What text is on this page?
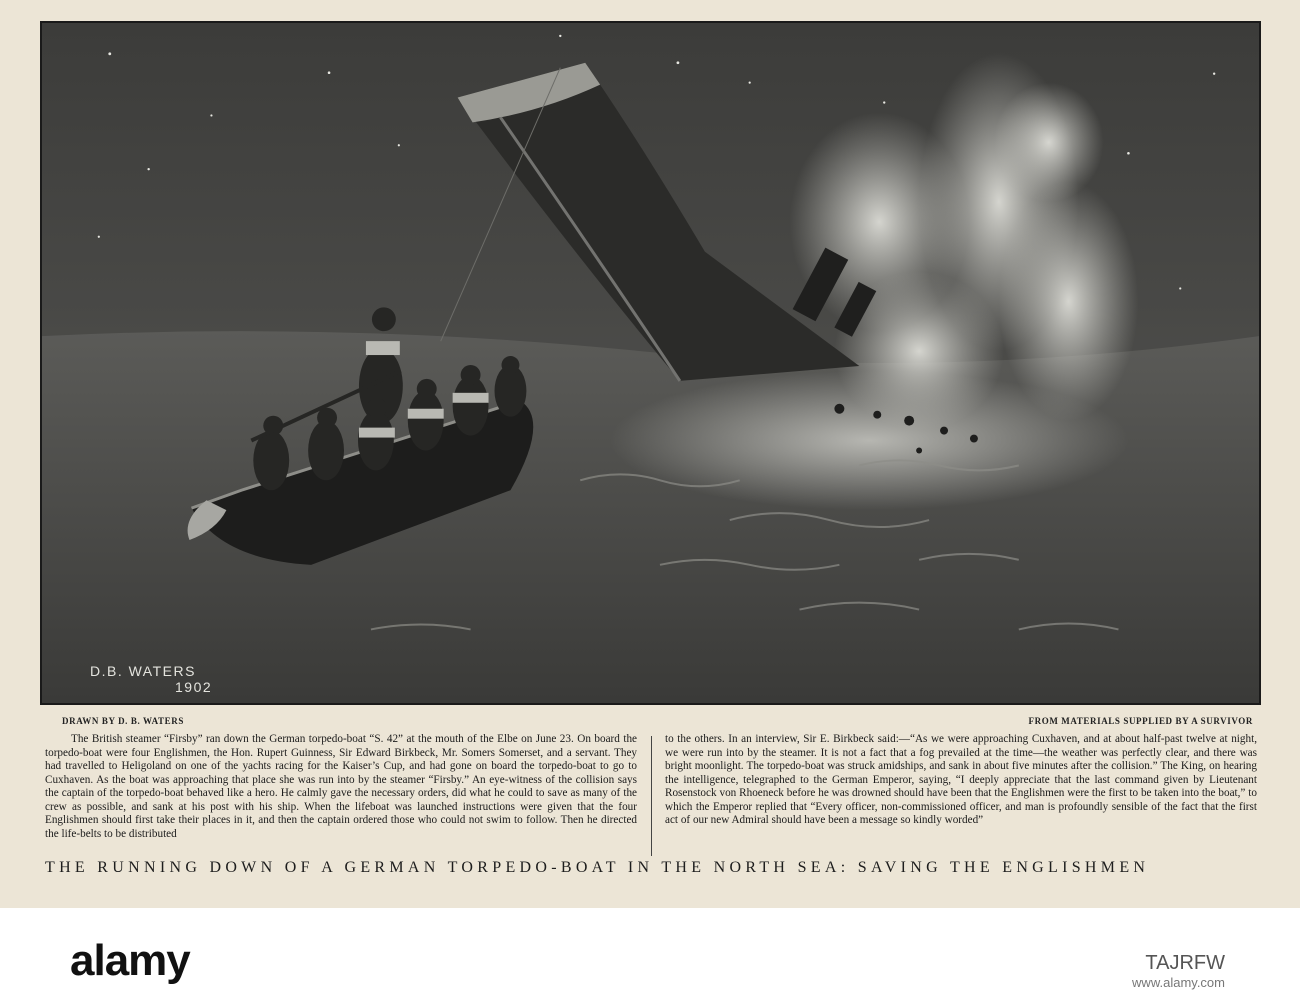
D.B. WATERS
1902
DRAWN BY D. B. WATERS	FROM MATERIALS SUPPLIED BY A SURVIVOR
The British steamer “Firsby” ran down the German torpedo-boat “S. 42” at the mouth of the Elbe on June 23. On board the torpedo-boat were four Englishmen, the Hon. Rupert Guinness, Sir Edward Birkbeck, Mr. Somers Somerset, and a servant. They had travelled to Heligoland on one of the yachts racing for the Kaiser’s Cup, and had gone on board the torpedo-boat to go to Cuxhaven. As the boat was approaching that place she was run into by the steamer “Firsby.” An eye-witness of the collision says the captain of the torpedo-boat behaved like a hero. He calmly gave the necessary orders, did what he could to save as many of the crew as possible, and sank at his post with his ship. When the lifeboat was launched instructions were given that the four Englishmen should first take their places in it, and then the captain ordered those who could not swim to follow. Then he directed the life-belts to be distributed
to the others. In an interview, Sir E. Birkbeck said:—“As we were approaching Cuxhaven, and at about half-past twelve at night, we were run into by the steamer. It is not a fact that a fog prevailed at the time—the weather was perfectly clear, and there was bright moonlight. The torpedo-boat was struck amidships, and sank in about five minutes after the collision.” The King, on hearing the intelligence, telegraphed to the German Emperor, saying, “I deeply appreciate that the last command given by Lieutenant Rosenstock von Rhoeneck before he was drowned should have been that the Englishmen were the first to be taken into the boat,” to which the Emperor replied that “Every officer, non-commissioned officer, and man is profoundly sensible of the fact that the first act of our new Admiral should have been a message so kindly worded”
THE RUNNING DOWN OF A GERMAN TORPEDO-BOAT IN THE NORTH SEA: SAVING THE ENGLISHMEN
alamy	TAJRFW
www.alamy.com
